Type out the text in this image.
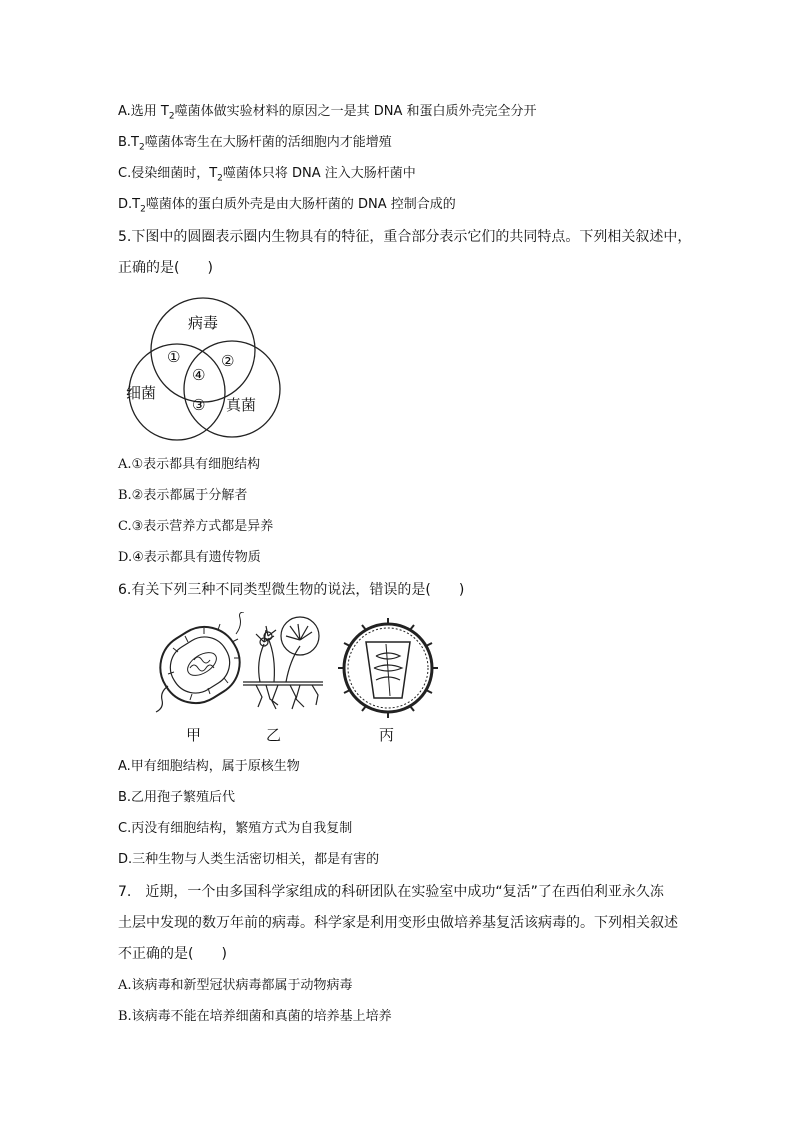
A.选用 $T_2$噬菌体做实验材料的原因之一是其 DNA 和蛋白质外壳完全分开
$B.T_2$噬菌体寄生在大肠杆菌的活细胞内才能增殖
C.侵染细菌时，$T_2$噬菌体只将 DNA 注入大肠杆菌中
$D.T_2$噬菌体的蛋白质外壳是由大肠杆菌的 DNA 控制合成的
5.下图中的圆圈表示圈内生物具有的特征，重合部分表示它们的共同特点。下列相关叙述中，
正确的是(　　)
病毒
细菌
真菌
①	②
④
③
A.①表示都具有细胞结构
B.②表示都属于分解者
C.③表示营养方式都是异养
D.④表示都具有遗传物质
6.有关下列三种不同类型微生物的说法，错误的是(　　)
甲	乙	丙
A.甲有细胞结构，属于原核生物
B.乙用孢子繁殖后代
C.丙没有细胞结构，繁殖方式为自我复制
D.三种生物与人类生活密切相关，都是有害的
7.　近期，一个由多国科学家组成的科研团队在实验室中成功“复活”了在西伯利亚永久冻
土层中发现的数万年前的病毒。科学家是利用变形虫做培养基复活该病毒的。下列相关叙述
不正确的是(　　)
A.该病毒和新型冠状病毒都属于动物病毒
B.该病毒不能在培养细菌和真菌的培养基上培养
